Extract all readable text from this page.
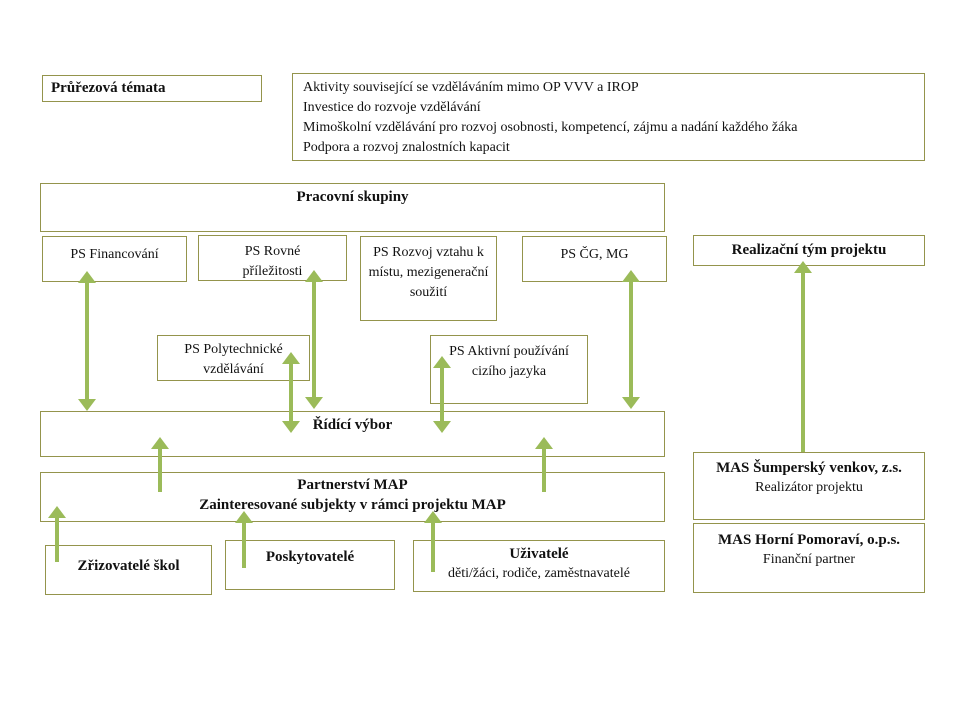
Průřezová témata	Aktivity související se vzděláváním mimo OP VVV a IROP
Investice do rozvoje vzdělávání
Mimoškolní vzdělávání pro rozvoj osobnosti, kompetencí, zájmu a nadání každého žáka
Podpora a rozvoj znalostních kapacit
Pracovní skupiny
PS Financování	PS Rovné příležitosti
PS Rozvoj vztahu k místu, mezigenerační soužití
PS ČG, MG	Realizační tým projektu
PS Polytechnické vzdělávání
PS Aktivní používání cizího jazyka
Řídící výbor
Partnerství MAP
Zainteresované subjekty v rámci projektu MAP
Zřizovatelé škol
Poskytovatelé	Uživatelé
děti/žáci, rodiče, zaměstnavatelé
MAS Šumperský venkov, z.s.
Realizátor projektu
MAS Horní Pomoraví, o.p.s.
Finanční partner
